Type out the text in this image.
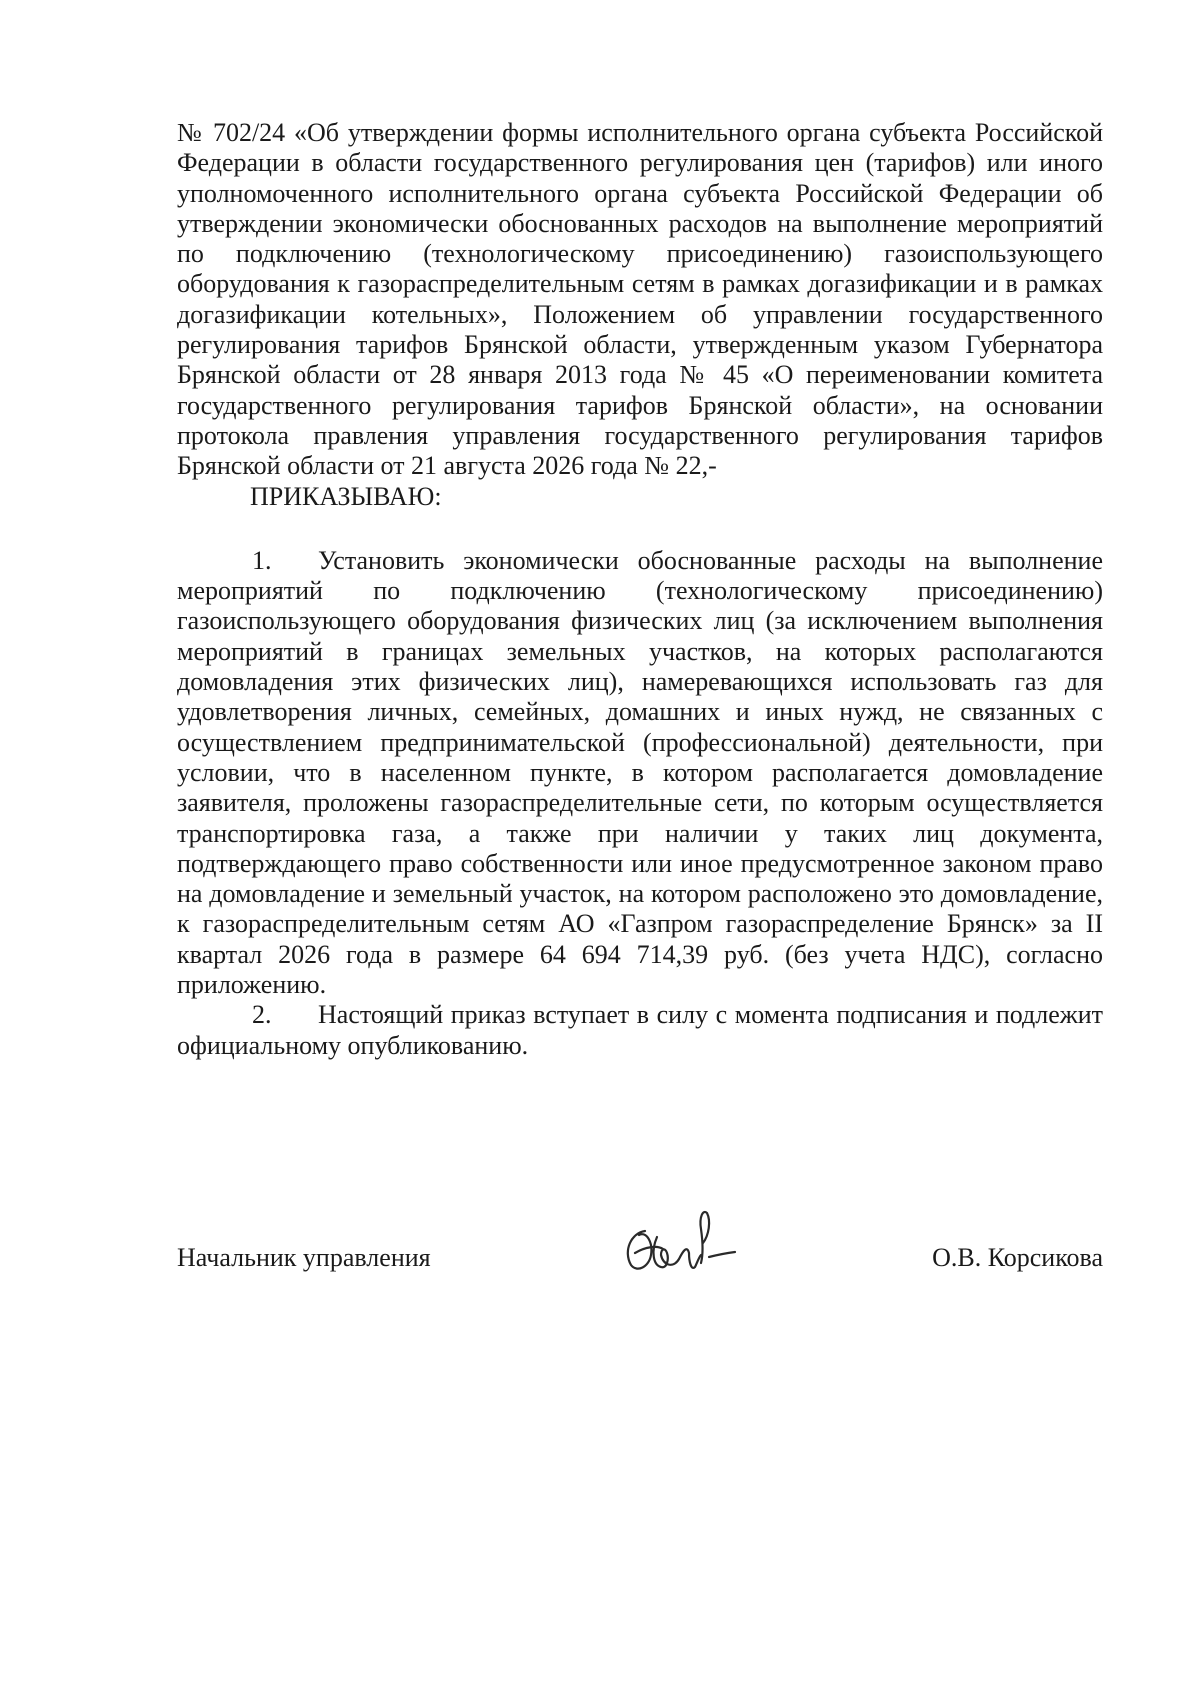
№ 702/24 «Об утверждении формы исполнительного органа субъекта Российской Федерации в области государственного регулирования цен (тарифов) или иного уполномоченного исполнительного органа субъекта Российской Федерации об утверждении экономически обоснованных расходов на выполнение мероприятий по подключению (технологическому присоединению) газоиспользующего оборудования к газораспределительным сетям в рамках догазификации и в рамках догазификации котельных», Положением об управлении государственного регулирования тарифов Брянской области, утвержденным указом Губернатора Брянской области от 28 января 2013 года № 45 «О переименовании комитета государственного регулирования тарифов Брянской области», на основании протокола правления управления государственного регулирования тарифов Брянской области от 21 августа 2026 года № 22,-

ПРИКАЗЫВАЮ:

1. Установить экономически обоснованные расходы на выполнение мероприятий по подключению (технологическому присоединению) газоиспользующего оборудования физических лиц (за исключением выполнения мероприятий в границах земельных участков, на которых располагаются домовладения этих физических лиц), намеревающихся использовать газ для удовлетворения личных, семейных, домашних и иных нужд, не связанных с осуществлением предпринимательской (профессиональной) деятельности, при условии, что в населенном пункте, в котором располагается домовладение заявителя, проложены газораспределительные сети, по которым осуществляется транспортировка газа, а также при наличии у таких лиц документа, подтверждающего право собственности или иное предусмотренное законом право на домовладение и земельный участок, на котором расположено это домовладение, к газораспределительным сетям АО «Газпром газораспределение Брянск» за II квартал 2026 года в размере 64 694 714,39 руб. (без учета НДС), согласно приложению.

2. Настоящий приказ вступает в силу с момента подписания и подлежит официальному опубликованию.

Начальник управления	О.В. Корсикова
